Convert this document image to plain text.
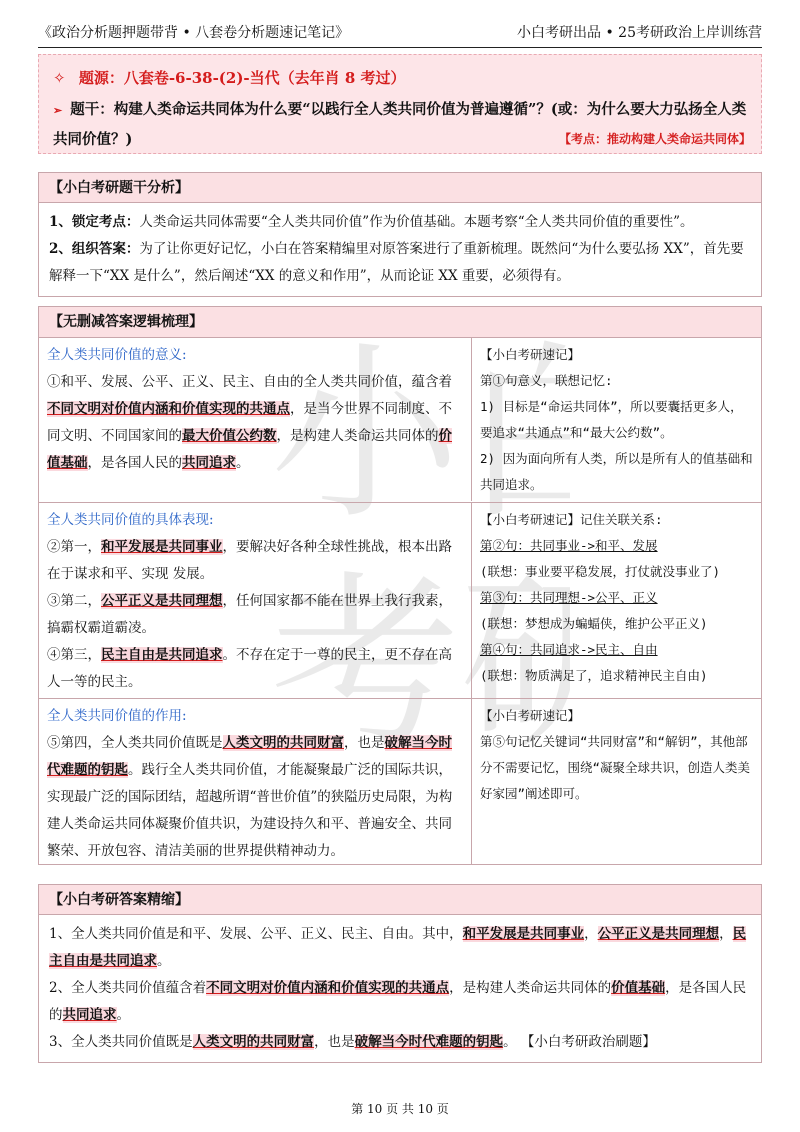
小白
考研
《政治分析题押题带背 • 八套卷分析题速记笔记》	小白考研出品 • 25考研政治上岸训练营
✧ 题源：八套卷-6-38-(2)-当代（去年肖 8 考过）
➢ 题干：构建人类命运共同体为什么要“以践行全人类共同价值为普遍遵循”？(或：为什么要大力弘扬全人类
共同价值？)	【考点：推动构建人类命运共同体】
【小白考研题干分析】
1、锁定考点：人类命运共同体需要“全人类共同价值”作为价值基础。本题考察“全人类共同价值的重要性”。
2、组织答案：为了让你更好记忆，小白在答案精编里对原答案进行了重新梳理。既然问“为什么要弘扬 XX”，首先要解释一下“XX 是什么”，然后阐述“XX 的意义和作用”，从而论证 XX 重要，必须得有。
【无删减答案逻辑梳理】
全人类共同价值的意义:
①和平、发展、公平、正义、民主、自由的全人类共同价值，蕴含着不同文明对价值内涵和价值实现的共通点，是当今世界不同制度、不同文明、不同国家间的最大价值公约数，是构建人类命运共同体的价值基础，是各国人民的共同追求。
【小白考研速记】
第①句意义，联想记忆:
1) 目标是“命运共同体”，所以要囊括更多人，要追求“共通点”和“最大公约数”。
2) 因为面向所有人类，所以是所有人的值基础和共同追求。
全人类共同价值的具体表现:
②第一，和平发展是共同事业，要解决好各种全球性挑战，根本出路在于谋求和平、实现 发展。
③第二，公平正义是共同理想，任何国家都不能在世界上我行我素，搞霸权霸道霸凌。
④第三，民主自由是共同追求。不存在定于一尊的民主，更不存在高人一等的民主。
【小白考研速记】记住关联关系:
第②句：共同事业->和平、发展
(联想：事业要平稳发展，打仗就没事业了)
第③句：共同理想->公平、正义
(联想：梦想成为蝙蝠侠，维护公平正义)
第④句：共同追求->民主、自由
(联想：物质满足了，追求精神民主自由)
全人类共同价值的作用:
⑤第四，全人类共同价值既是人类文明的共同财富，也是破解当今时代难题的钥匙。践行全人类共同价值，才能凝聚最广泛的国际共识，实现最广泛的国际团结，超越所谓“普世价值”的狭隘历史局限，为构建人类命运共同体凝聚价值共识，为建设持久和平、普遍安全、共同繁荣、开放包容、清洁美丽的世界提供精神动力。
【小白考研速记】
第⑤句记忆关键词“共同财富”和“解钥”，其他部分不需要记忆，围绕“凝聚全球共识，创造人类美好家园”阐述即可。
【小白考研答案精缩】
1、全人类共同价值是和平、发展、公平、正义、民主、自由。其中，和平发展是共同事业，公平正义是共同理想，民主自由是共同追求。
2、全人类共同价值蕴含着不同文明对价值内涵和价值实现的共通点，是构建人类命运共同体的价值基础，是各国人民的共同追求。
3、全人类共同价值既是人类文明的共同财富，也是破解当今时代难题的钥匙。 【小白考研政治刷题】
第 10 页 共 10 页
